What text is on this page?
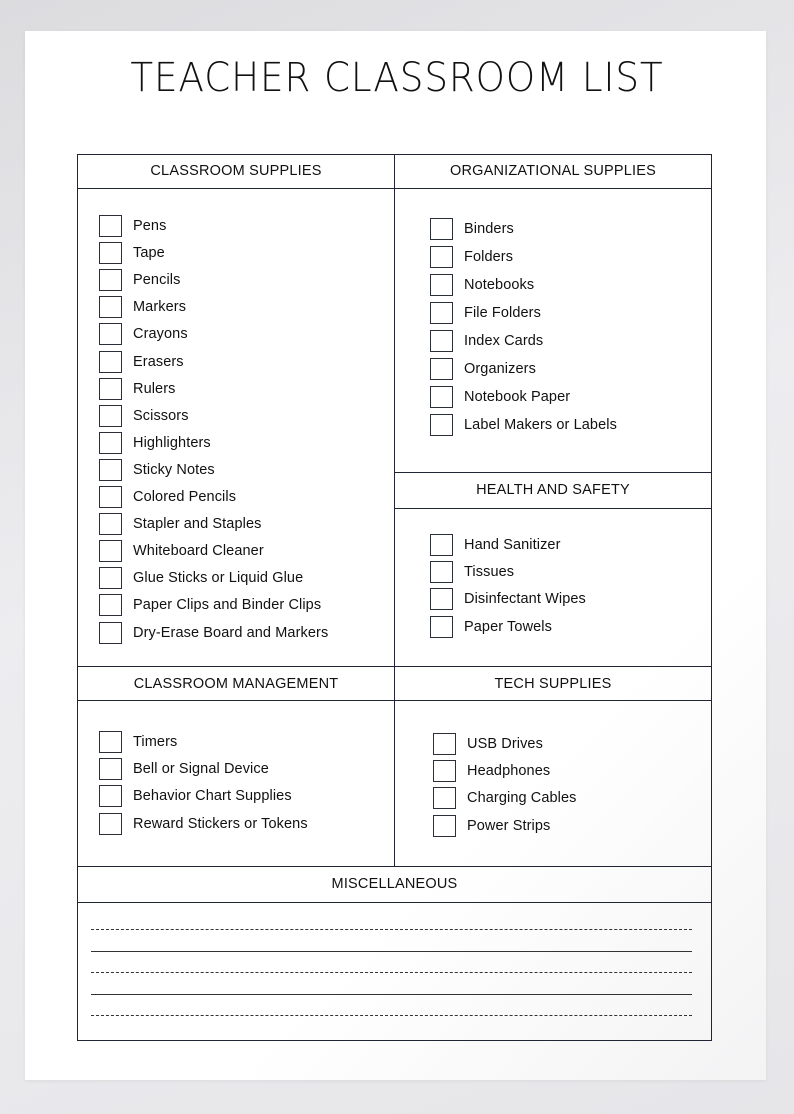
TEACHER CLASSROOM LIST
CLASSROOM SUPPLIES	ORGANIZATIONAL SUPPLIES
HEALTH AND SAFETY
CLASSROOM MANAGEMENT	TECH SUPPLIES
MISCELLANEOUS
Pens
Tape
Pencils
Markers
Crayons
Erasers
Rulers
Scissors
Highlighters
Sticky Notes
Colored Pencils
Stapler and Staples
Whiteboard Cleaner
Glue Sticks or Liquid Glue
Paper Clips and Binder Clips
Dry-Erase Board and Markers
Binders
Folders
Notebooks
File Folders
Index Cards
Organizers
Notebook Paper
Label Makers or Labels
Hand Sanitizer
Tissues
Disinfectant Wipes
Paper Towels
Timers
Bell or Signal Device
Behavior Chart Supplies
Reward Stickers or Tokens
USB Drives
Headphones
Charging Cables
Power Strips
